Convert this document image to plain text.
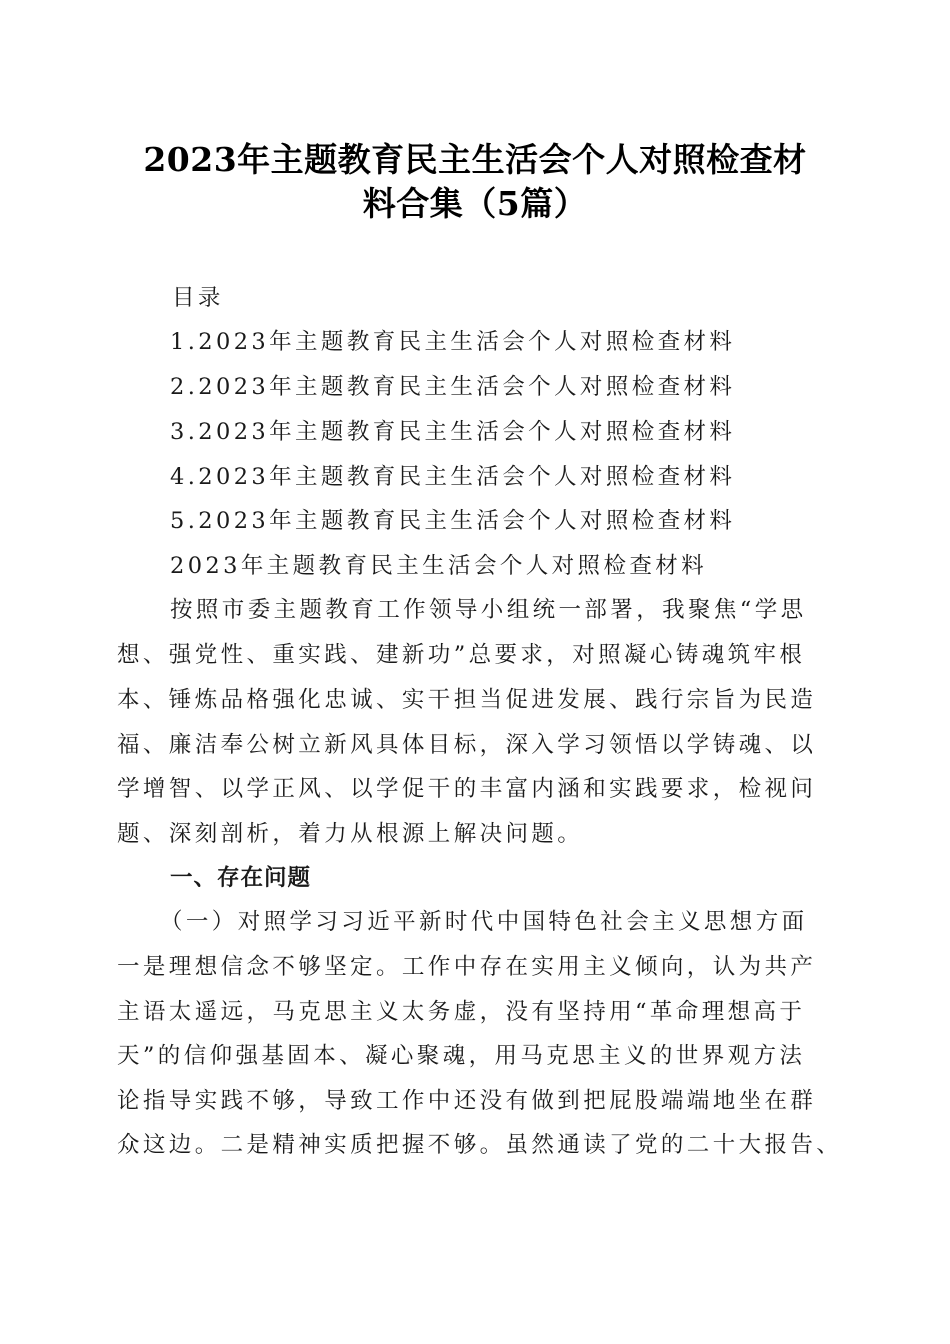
2023年主题教育民主生活会个人对照检查材
料合集（5篇）
目录
1.2023年主题教育民主生活会个人对照检查材料
2.2023年主题教育民主生活会个人对照检查材料
3.2023年主题教育民主生活会个人对照检查材料
4.2023年主题教育民主生活会个人对照检查材料
5.2023年主题教育民主生活会个人对照检查材料
2023年主题教育民主生活会个人对照检查材料
按照市委主题教育工作领导小组统一部署，我聚焦“学思
想、强党性、重实践、建新功”总要求，对照凝心铸魂筑牢根
本、锤炼品格强化忠诚、实干担当促进发展、践行宗旨为民造
福、廉洁奉公树立新风具体目标，深入学习领悟以学铸魂、以
学增智、以学正风、以学促干的丰富内涵和实践要求，检视问
题、深刻剖析，着力从根源上解决问题。
一、存在问题
（一）对照学习习近平新时代中国特色社会主义思想方面
一是理想信念不够坚定。工作中存在实用主义倾向，认为共产
主语太遥远，马克思主义太务虚，没有坚持用“革命理想高于
天”的信仰强基固本、凝心聚魂，用马克思主义的世界观方法
论指导实践不够，导致工作中还没有做到把屁股端端地坐在群
众这边。二是精神实质把握不够。虽然通读了党的二十大报告、
